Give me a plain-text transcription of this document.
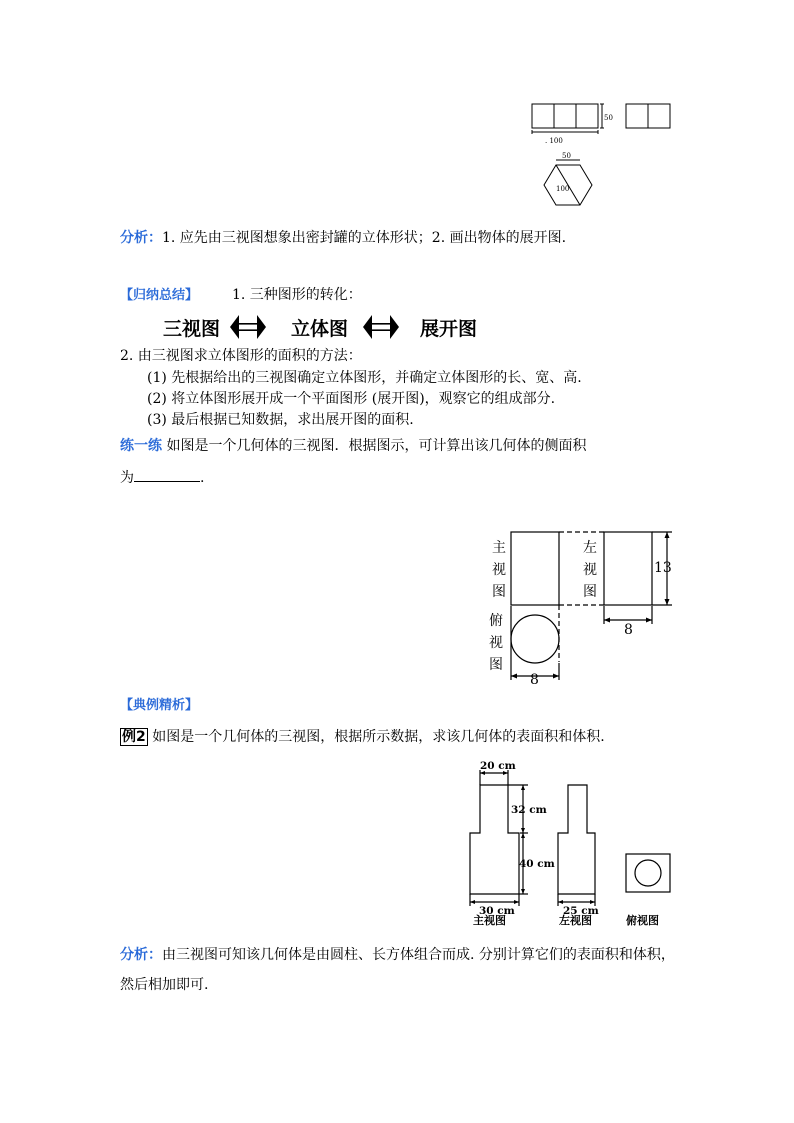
50
. 100
50
100
分析：1. 应先由三视图想象出密封罐的立体形状；2. 画出物体的展开图.
【归纳总结】 1. 三种图形的转化：
三视图	立体图	展开图
2. 由三视图求立体图形的面积的方法：
(1) 先根据给出的三视图确定立体图形，并确定立体图形的长、宽、高.
(2) 将立体图形展开成一个平面图形 (展开图)，观察它的组成部分.
(3) 最后根据已知数据，求出展开图的面积.
练一练 如图是一个几何体的三视图．根据图示，可计算出该几何体的侧面积
为	.
主
视
图
左
视
图
俯
视
图
13
8
8
【典例精析】
例2 如图是一个几何体的三视图，根据所示数据，求该几何体的表面积和体积.
20 cm
32 cm
40 cm
30 cm	25 cm
主视图	左视图	俯视图
分析：由三视图可知该几何体是由圆柱、长方体组合而成. 分别计算它们的表面积和体积，
然后相加即可.
